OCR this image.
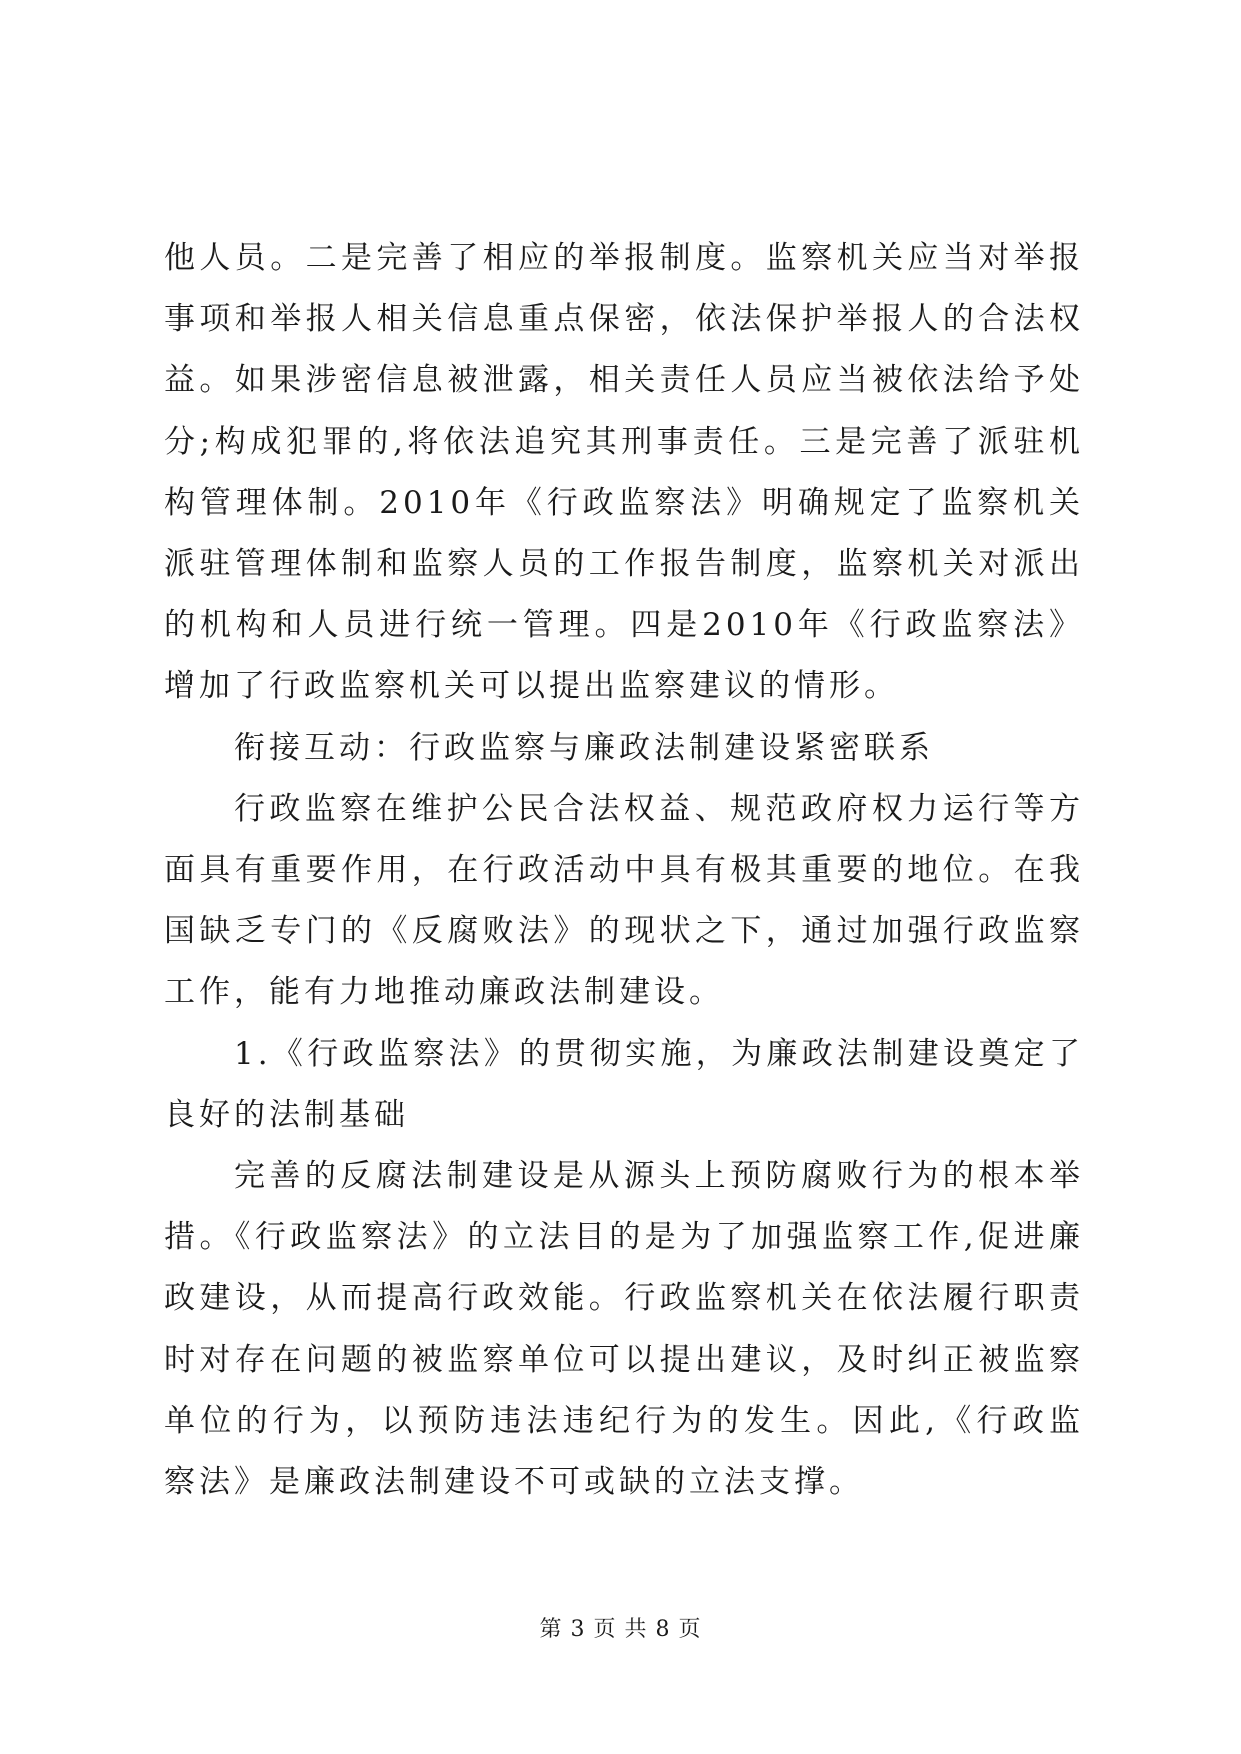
他人员。二是完善了相应的举报制度。监察机关应当对举报事项和举报人相关信息重点保密，依法保护举报人的合法权益。如果涉密信息被泄露，相关责任人员应当被依法给予处分;构成犯罪的,将依法追究其刑事责任。三是完善了派驻机构管理体制。2010年《行政监察法》明确规定了监察机关派驻管理体制和监察人员的工作报告制度，监察机关对派出的机构和人员进行统一管理。四是2010年《行政监察法》增加了行政监察机关可以提出监察建议的情形。

衔接互动：行政监察与廉政法制建设紧密联系

行政监察在维护公民合法权益、规范政府权力运行等方面具有重要作用，在行政活动中具有极其重要的地位。在我国缺乏专门的《反腐败法》的现状之下，通过加强行政监察工作，能有力地推动廉政法制建设。

1.《行政监察法》的贯彻实施，为廉政法制建设奠定了良好的法制基础

完善的反腐法制建设是从源头上预防腐败行为的根本举措。《行政监察法》的立法目的是为了加强监察工作,促进廉政建设，从而提高行政效能。行政监察机关在依法履行职责时对存在问题的被监察单位可以提出建议，及时纠正被监察单位的行为，以预防违法违纪行为的发生。因此,《行政监察法》是廉政法制建设不可或缺的立法支撑。

第 3 页 共 8 页
